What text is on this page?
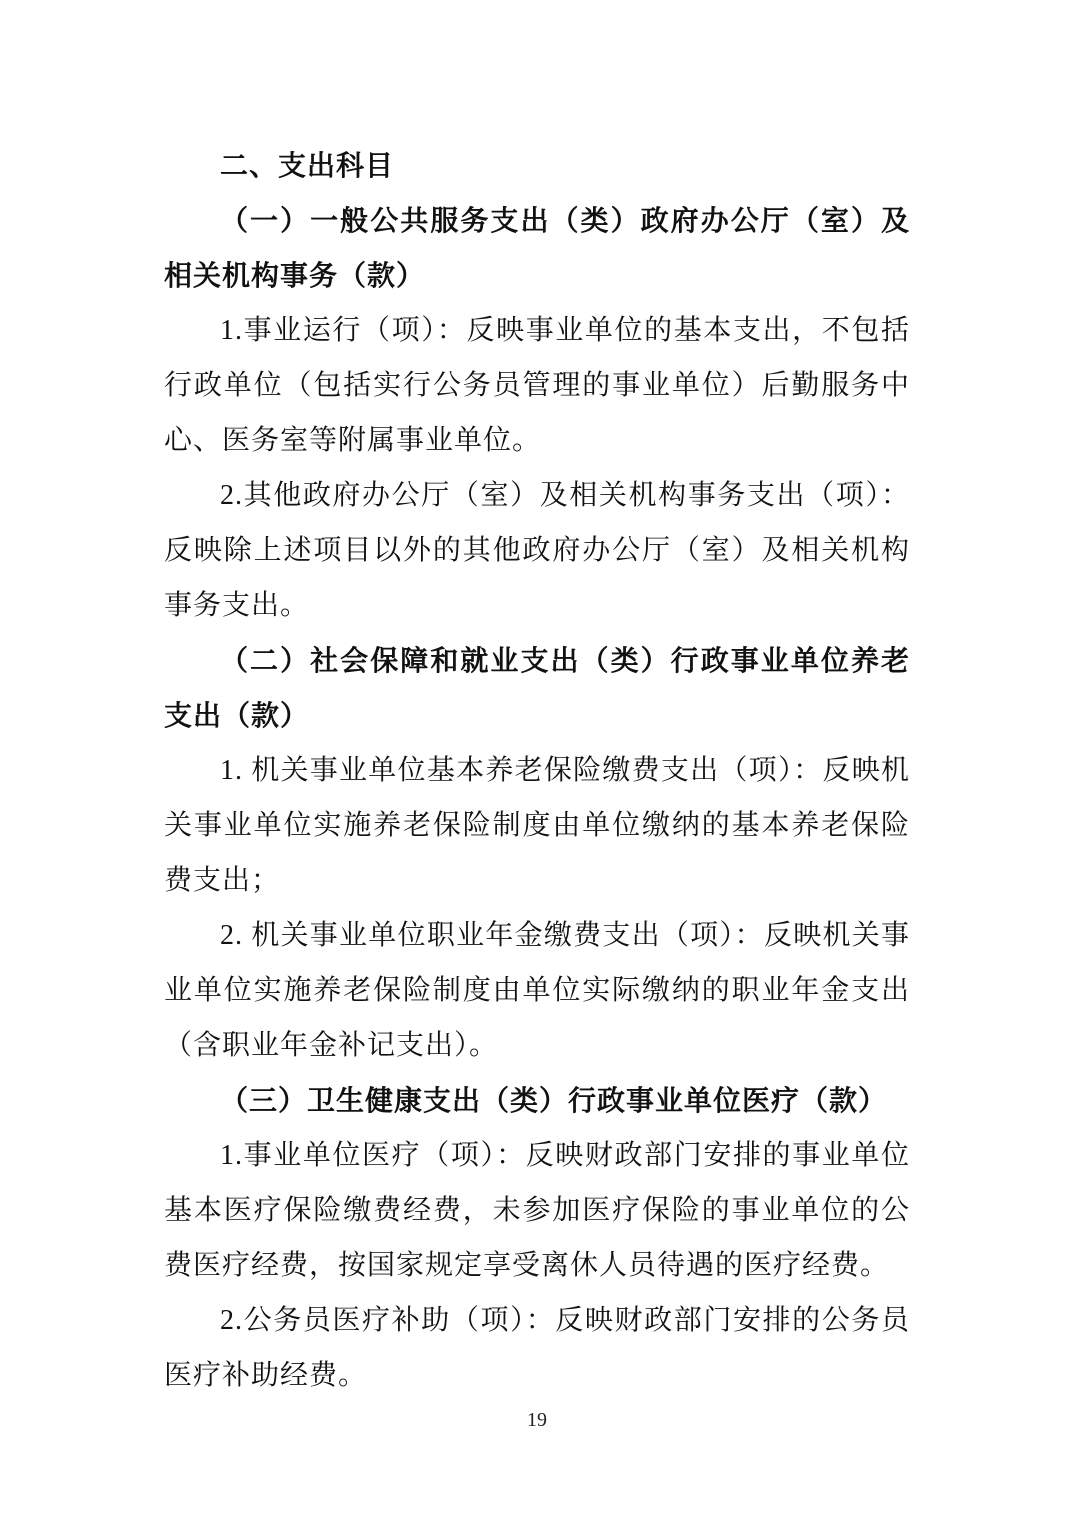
二、支出科目

（一）一般公共服务支出（类）政府办公厅（室）及相关机构事务（款）

1.事业运行（项）：反映事业单位的基本支出，不包括行政单位（包括实行公务员管理的事业单位）后勤服务中心、医务室等附属事业单位。

2.其他政府办公厅（室）及相关机构事务支出（项）：反映除上述项目以外的其他政府办公厅（室）及相关机构事务支出。

（二）社会保障和就业支出（类）行政事业单位养老支出（款）

1. 机关事业单位基本养老保险缴费支出（项）：反映机关事业单位实施养老保险制度由单位缴纳的基本养老保险费支出；

2. 机关事业单位职业年金缴费支出（项）：反映机关事业单位实施养老保险制度由单位实际缴纳的职业年金支出（含职业年金补记支出）。

（三）卫生健康支出（类）行政事业单位医疗（款）

1.事业单位医疗（项）：反映财政部门安排的事业单位基本医疗保险缴费经费，未参加医疗保险的事业单位的公费医疗经费，按国家规定享受离休人员待遇的医疗经费。

2.公务员医疗补助（项）：反映财政部门安排的公务员医疗补助经费。

19
